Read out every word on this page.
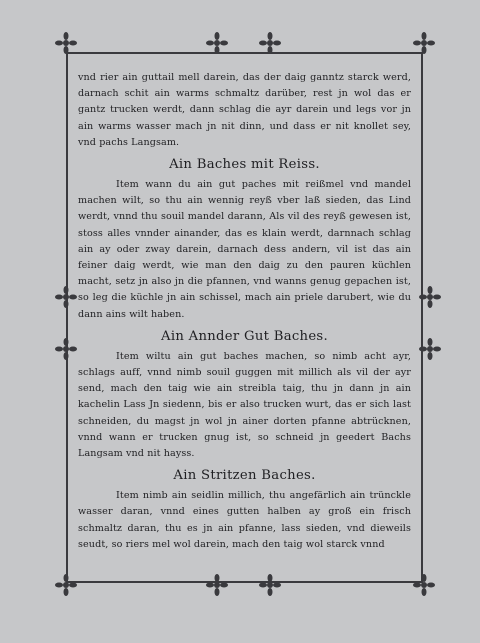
vnd rier ain guttail mell darein, das der daig ganntz starck werd, darnach schit ain warms schmaltz darüber, rest jn wol das er gantz trucken werdt, dann schlag die ayr darein und legs vor jn ain warms wasser mach jn nit dinn, und dass er nit knollet sey, vnd pachs Langsam.

Ain Baches mit Reiss.

Item wann du ain gut paches mit reißmel vnd mandel machen wilt, so thu ain wennig reyß vber laß sieden, das Lind werdt, vnnd thu souil mandel darann, Als vil des reyß gewesen ist, stoss alles vnnder ainander, das es klain werdt, darnnach schlag ain ay oder zway darein, darnach dess andern, vil ist das ain feiner daig werdt, wie man den daig zu den pauren küchlen macht, setz jn also jn die pfannen, vnd wanns genug gepachen ist, so leg die küchle jn ain schissel, mach ain priele darubert, wie du dann ains wilt haben.

Ain Annder Gut Baches.

Item wiltu ain gut baches machen, so nimb acht ayr, schlags auff, vnnd nimb souil guggen mit millich als vil der ayr send, mach den taig wie ain streibla taig, thu jn dann jn ain kachelin Lass Jn siedenn, bis er also trucken wurt, das er sich last schneiden, du magst jn wol jn ainer dorten pfanne abtrücknen, vnnd wann er trucken gnug ist, so schneid jn geedert Bachs Langsam vnd nit hayss.

Ain Stritzen Baches.

Item nimb ain seidlin millich, thu angefärlich ain trünckle wasser daran, vnnd eines gutten halben ay groß ein frisch schmaltz daran, thu es jn ain pfanne, lass sieden, vnd dieweils seudt, so riers mel wol darein, mach den taig wol starck vnnd
